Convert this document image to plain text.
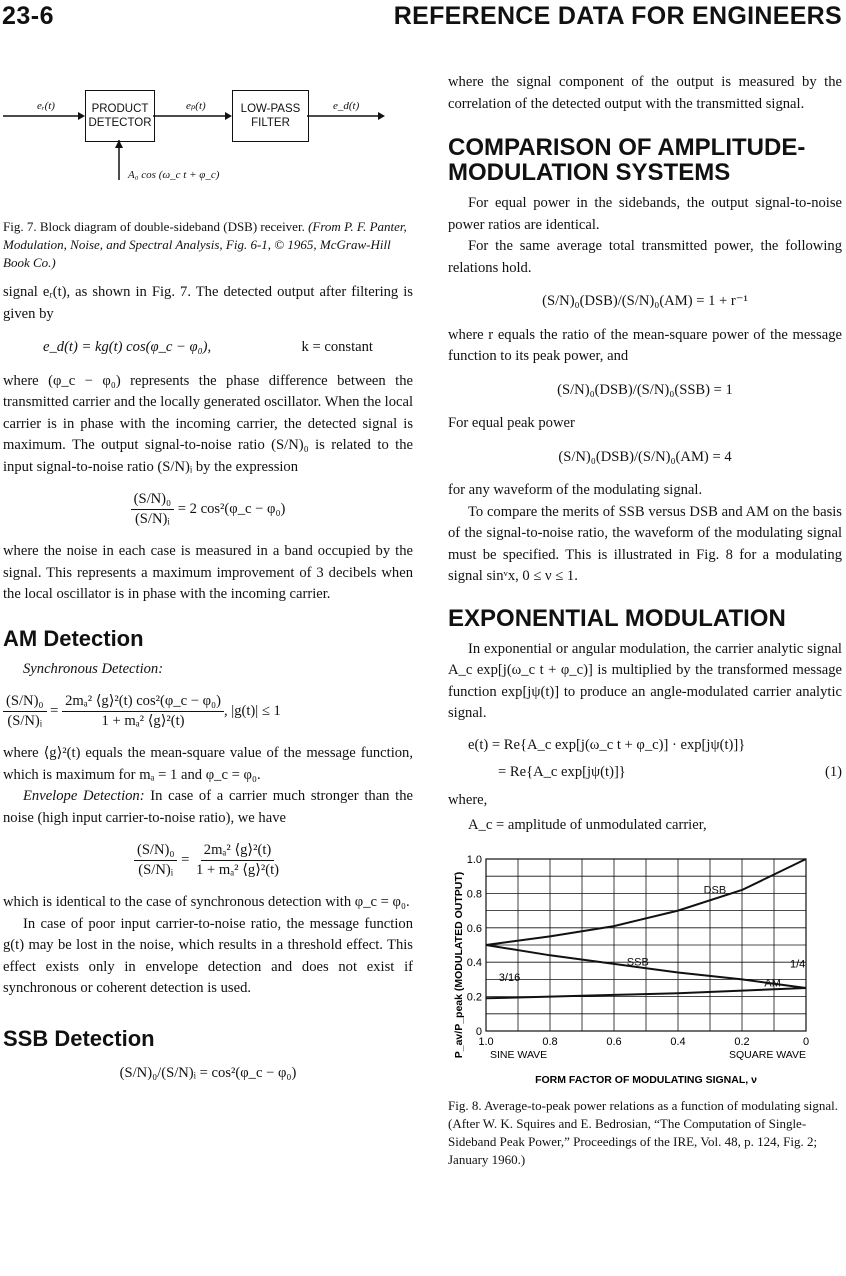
23-6	REFERENCE DATA FOR ENGINEERS
PRODUCT DETECTOR
LOW-PASS FILTER
eᵣ(t)	eₚ(t)	e_d(t)
A₀ cos (ω_c t + φ_c)

Fig. 7. Block diagram of double-sideband (DSB) receiver. (From P. F. Panter, Modulation, Noise, and Spectral Analysis, Fig. 6-1, © 1965, McGraw-Hill Book Co.)

signal eᵣ(t), as shown in Fig. 7. The detected output after filtering is given by

e_d(t) = kg(t) cos(φ_c − φ₀),	k = constant

where (φ_c − φ₀) represents the phase difference between the transmitted carrier and the locally generated oscillator. When the local carrier is in phase with the incoming carrier, the detected signal is maximum. The output signal-to-noise ratio (S/N)₀ is related to the input signal-to-noise ratio (S/N)ᵢ by the expression

$\frac{\text{(S/N)₀}}{\text{(S/N)ᵢ}} = 2$ cos²(φ_c − φ₀)

where the noise in each case is measured in a band occupied by the signal. This represents a maximum improvement of 3 decibels when the local oscillator is in phase with the incoming carrier.

AM Detection

Synchronous Detection:

$\frac{\text{(S/N)₀}}{\text{(S/N)ᵢ}} = \frac{\text{2mₐ² ⟨g⟩²(t) cos²(φ\_c − φ₀)}}{\text{1 + mₐ² ⟨g⟩²(t)}}$ , |g(t)| ≤ 1

where ⟨g⟩²(t) equals the mean-square value of the message function, which is maximum for mₐ = 1 and φ_c = φ₀.

Envelope Detection: In case of a carrier much stronger than the noise (high input carrier-to-noise ratio), we have

$\frac{\text{(S/N)₀}}{\text{(S/N)ᵢ}} = \frac{\text{2mₐ² ⟨g⟩²(t)}}{\text{1 + mₐ² ⟨g⟩²(t)}}$

which is identical to the case of synchronous detection with φ_c = φ₀.

In case of poor input carrier-to-noise ratio, the message function g(t) may be lost in the noise, which results in a threshold effect. This effect exists only in envelope detection and does not exist if synchronous or coherent detection is used.

SSB Detection
(S/N)₀/(S/N)ᵢ = cos²(φ_c − φ₀)

where the signal component of the output is measured by the correlation of the detected output with the transmitted signal.

COMPARISON OF AMPLITUDE-MODULATION SYSTEMS

For equal power in the sidebands, the output signal-to-noise power ratios are identical.

For the same average total transmitted power, the following relations hold.

(S/N)₀(DSB)/(S/N)₀(AM) = 1 + r⁻¹

where r equals the ratio of the mean-square power of the message function to its peak power, and

(S/N)₀(DSB)/(S/N)₀(SSB) = 1

For equal peak power

(S/N)₀(DSB)/(S/N)₀(AM) = 4

for any waveform of the modulating signal.

To compare the merits of SSB versus DSB and AM on the basis of the signal-to-noise ratio, the waveform of the modulating signal must be specified. This is illustrated in Fig. 8 for a modulating signal sinᵛx, 0 ≤ ν ≤ 1.

EXPONENTIAL MODULATION

In exponential or angular modulation, the carrier analytic signal A_c exp[j(ω_c t + φ_c)] is multiplied by the transformed message function exp[jψ(t)] to produce an angle-modulated carrier analytic signal.

e(t) = Re{A_c exp[j(ω_c t + φ_c)] · exp[jψ(t)]}
= Re{A_c exp[jψ(t)]}	(1)

where,

A_c = amplitude of unmodulated carrier,

1.0
0.8
0.6
0.4
0.2
0
1.0	0.8	0.6	0.4	0.2	0
DSB
SSB
AM
3/16
1/4
SINE WAVE	SQUARE WAVE
FORM FACTOR OF MODULATING SIGNAL, ν
P_av/P_peak (MODULATED OUTPUT)

Fig. 8. Average-to-peak power relations as a function of modulating signal. (After W. K. Squires and E. Bedrosian, “The Computation of Single-Sideband Peak Power,” Proceedings of the IRE, Vol. 48, p. 124, Fig. 2; January 1960.)
